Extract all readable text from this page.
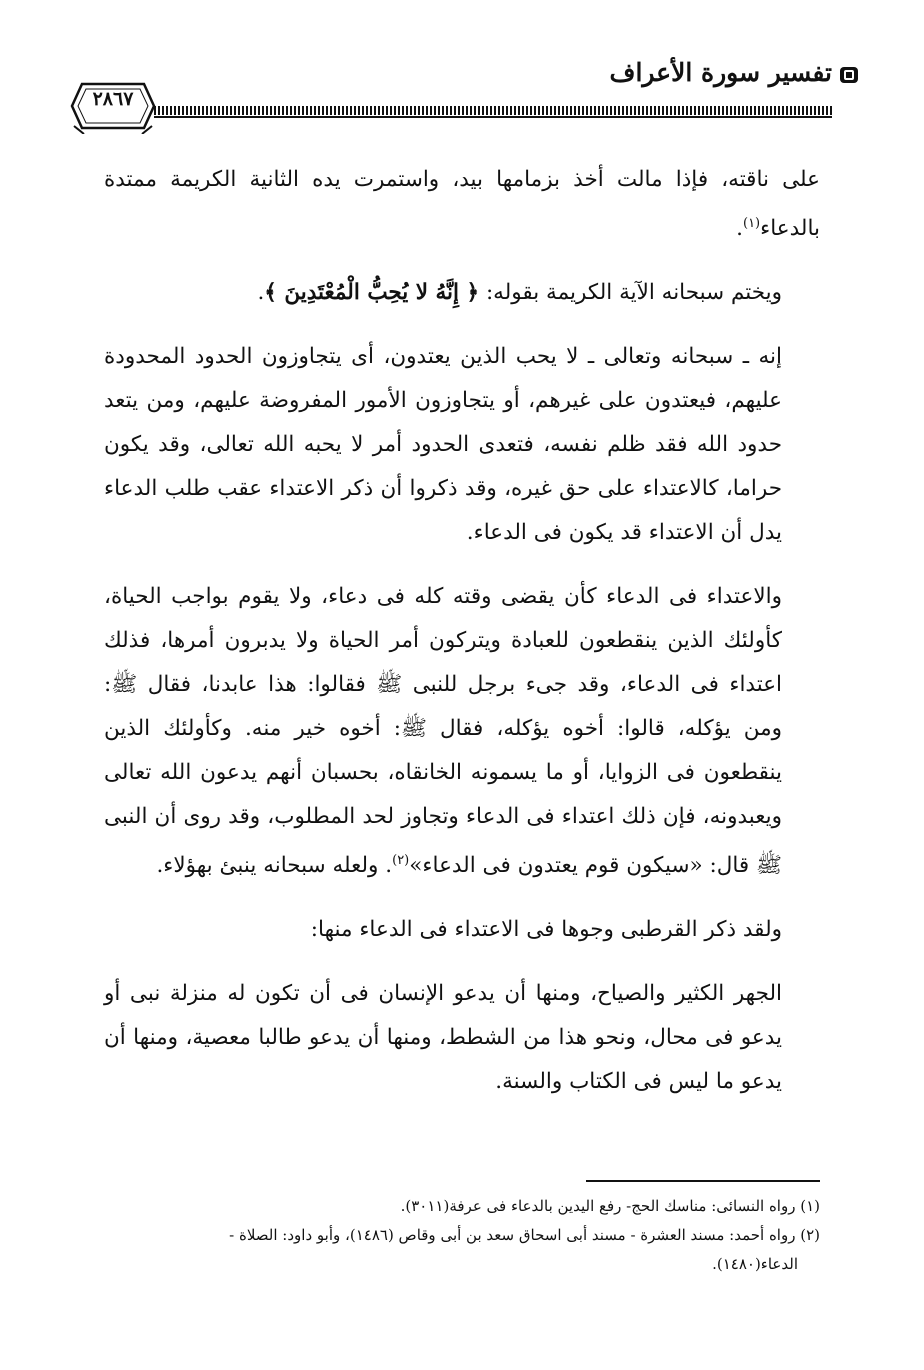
تفسير سورة الأعراف
٢٨٦٧

على ناقته، فإذا مالت أخذ بزمامها بيد، واستمرت يده الثانية الكريمة ممتدة بالدعاء$^{(١)}$.

ويختم سبحانه الآية الكريمة بقوله: ﴿ إِنَّهُ لا يُحِبُّ الْمُعْتَدِينَ ﴾.

إنه ـ سبحانه وتعالى ـ لا يحب الذين يعتدون، أى يتجاوزون الحدود المحدودة عليهم، فيعتدون على غيرهم، أو يتجاوزون الأمور المفروضة عليهم، ومن يتعد حدود الله فقد ظلم نفسه، فتعدى الحدود أمر لا يحبه الله تعالى، وقد يكون حراما، كالاعتداء على حق غيره، وقد ذكروا أن ذكر الاعتداء عقب طلب الدعاء يدل أن الاعتداء قد يكون فى الدعاء.

والاعتداء فى الدعاء كأن يقضى وقته كله فى دعاء، ولا يقوم بواجب الحياة، كأولئك الذين ينقطعون للعبادة ويتركون أمر الحياة ولا يدبرون أمرها، فذلك اعتداء فى الدعاء، وقد جىء برجل للنبى ﷺ فقالوا: هذا عابدنا، فقال ﷺ: ومن يؤكله، قالوا: أخوه يؤكله، فقال ﷺ: أخوه خير منه. وكأولئك الذين ينقطعون فى الزوايا، أو ما يسمونه الخانقاه، بحسبان أنهم يدعون الله تعالى ويعبدونه، فإن ذلك اعتداء فى الدعاء وتجاوز لحد المطلوب، وقد روى أن النبى ﷺ قال: «سيكون قوم يعتدون فى الدعاء»$^{(٢)}$. ولعله سبحانه ينبئ بهؤلاء.

ولقد ذكر القرطبى وجوها فى الاعتداء فى الدعاء منها:

الجهر الكثير والصياح، ومنها أن يدعو الإنسان فى أن تكون له منزلة نبى أو يدعو فى محال، ونحو هذا من الشطط، ومنها أن يدعو طالبا معصية، ومنها أن يدعو ما ليس فى الكتاب والسنة.

(١) رواه النسائى: مناسك الحج- رفع اليدين بالدعاء فى عرفة(٣٠١١).

(٢) رواه أحمد: مسند العشرة - مسند أبى اسحاق سعد بن أبى وقاص (١٤٨٦)، وأبو داود: الصلاة -

الدعاء(١٤٨٠).
